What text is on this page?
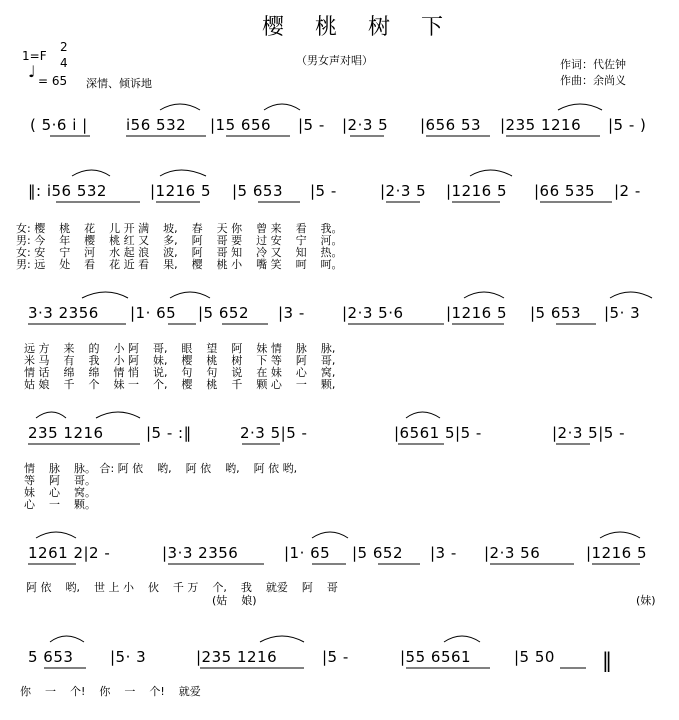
樱 桃 树 下
（男女声对唱）
1=F
2
4
♩ = 65 深情、倾诉地
作词：代佐钟
作曲：余尚义
( 5·6 i |	i56 532 |15 656 |5 - |2·3 5 |656 53 |235 1216 |5 - )
‖: i56 532	|1216 5 |5 653 |5 -	|2·3 5 |1216 5 |66 535 |2 -
女: 樱    桃    花    儿 开 满    坡,    春    天 你    曾 来    看    我。
男: 今    年    樱    桃 红 又    多,    阿    哥 要    过 安    宁    河。
女: 安    宁    河    水 起 浪    波,    阿    哥 知    冷 又    知    热。
男: 远    处    看    花 近 看    果,    樱    桃 小    嘴 笑    呵    呵。
3·3 2356 |1· 65 |5 652 |3 - |2·3 5·6	|1216 5 |5 653 |5· 3
远 方    来    的    小 阿    哥,    眼    望    阿    妹 情    脉    脉,
米 马    有    我    小 阿    妹,    樱    桃    树    下 等    阿    哥,
情 话    绵    绵    情 悄    说,    句    句    说    在 妹    心    窝,
姑 娘    千    个    妹 一    个,    樱    桃    千    颗 心    一    颗,
235 1216	|5 - :‖	2·3 5|5 -	|6561 5|5 -	|2·3 5|5 -
情    脉    脉。 合: 阿 依    哟,    阿 依    哟,    阿 依 哟,
等    阿    哥。
妹    心    窝。
心    一    颗。
1261 2|2 -	|3·3 2356	|1· 65 |5 652 |3 - |2·3 56	|1216 5
阿 依    哟,    世 上 小    伙    千 万    个,    我    就爱    阿    哥
(姑    娘)	(妹)
5 653 |5· 3	|235 1216	|5 -	|55 6561	|5 50 ‖
你    一    个!    你    一    个!    就爱
